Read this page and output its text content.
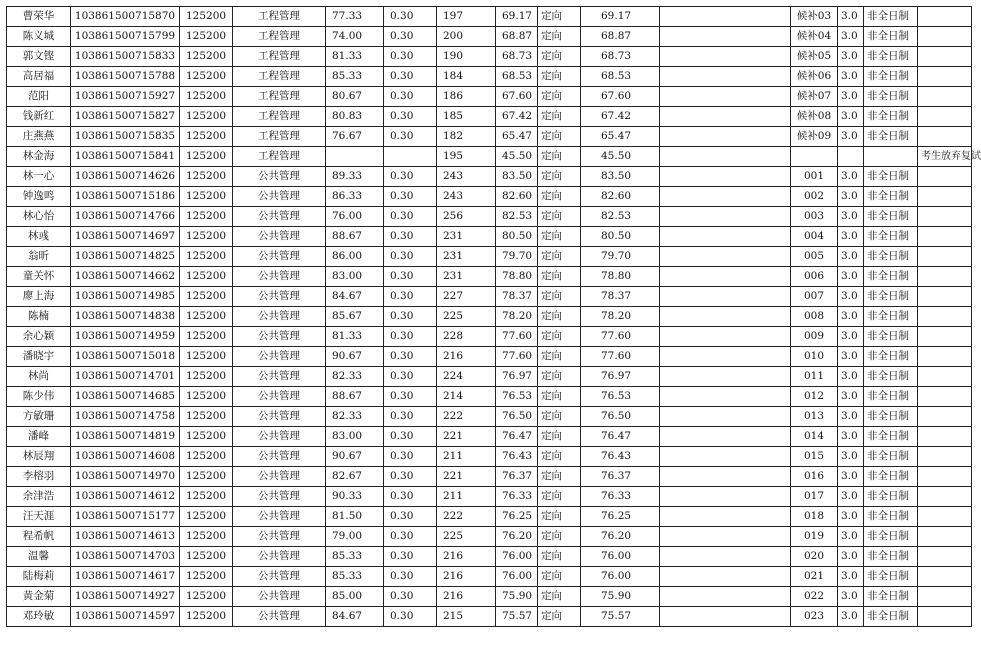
曹荣华	103861500715870	125200	工程管理	77.33	0.30	197	69.17	定向	69.17		候补03	3.0	非全日制	
陈义城	103861500715799	125200	工程管理	74.00	0.30	200	68.87	定向	68.87		候补04	3.0	非全日制	
郭文铿	103861500715833	125200	工程管理	81.33	0.30	190	68.73	定向	68.73		候补05	3.0	非全日制	
高居福	103861500715788	125200	工程管理	85.33	0.30	184	68.53	定向	68.53		候补06	3.0	非全日制	
范阳	103861500715927	125200	工程管理	80.67	0.30	186	67.60	定向	67.60		候补07	3.0	非全日制	
钱新红	103861500715827	125200	工程管理	80.83	0.30	185	67.42	定向	67.42		候补08	3.0	非全日制	
庄燕燕	103861500715835	125200	工程管理	76.67	0.30	182	65.47	定向	65.47		候补09	3.0	非全日制	
林金海	103861500715841	125200	工程管理			195	45.50	定向	45.50					考生放弃复试
林一心	103861500714626	125200	公共管理	89.33	0.30	243	83.50	定向	83.50		001	3.0	非全日制	
钟逸鸣	103861500715186	125200	公共管理	86.33	0.30	243	82.60	定向	82.60		002	3.0	非全日制	
林心怡	103861500714766	125200	公共管理	76.00	0.30	256	82.53	定向	82.53		003	3.0	非全日制	
林彧	103861500714697	125200	公共管理	88.67	0.30	231	80.50	定向	80.50		004	3.0	非全日制	
翁昕	103861500714825	125200	公共管理	86.00	0.30	231	79.70	定向	79.70		005	3.0	非全日制	
童关怀	103861500714662	125200	公共管理	83.00	0.30	231	78.80	定向	78.80		006	3.0	非全日制	
廖上海	103861500714985	125200	公共管理	84.67	0.30	227	78.37	定向	78.37		007	3.0	非全日制	
陈楠	103861500714838	125200	公共管理	85.67	0.30	225	78.20	定向	78.20		008	3.0	非全日制	
余心颖	103861500714959	125200	公共管理	81.33	0.30	228	77.60	定向	77.60		009	3.0	非全日制	
潘晓宇	103861500715018	125200	公共管理	90.67	0.30	216	77.60	定向	77.60		010	3.0	非全日制	
林尚	103861500714701	125200	公共管理	82.33	0.30	224	76.97	定向	76.97		011	3.0	非全日制	
陈少伟	103861500714685	125200	公共管理	88.67	0.30	214	76.53	定向	76.53		012	3.0	非全日制	
方敏珊	103861500714758	125200	公共管理	82.33	0.30	222	76.50	定向	76.50		013	3.0	非全日制	
潘峰	103861500714819	125200	公共管理	83.00	0.30	221	76.47	定向	76.47		014	3.0	非全日制	
林辰翔	103861500714608	125200	公共管理	90.67	0.30	211	76.43	定向	76.43		015	3.0	非全日制	
李榕羽	103861500714970	125200	公共管理	82.67	0.30	221	76.37	定向	76.37		016	3.0	非全日制	
余津浩	103861500714612	125200	公共管理	90.33	0.30	211	76.33	定向	76.33		017	3.0	非全日制	
汪天涯	103861500715177	125200	公共管理	81.50	0.30	222	76.25	定向	76.25		018	3.0	非全日制	
程希帆	103861500714613	125200	公共管理	79.00	0.30	225	76.20	定向	76.20		019	3.0	非全日制	
温馨	103861500714703	125200	公共管理	85.33	0.30	216	76.00	定向	76.00		020	3.0	非全日制	
陆梅莉	103861500714617	125200	公共管理	85.33	0.30	216	76.00	定向	76.00		021	3.0	非全日制	
黄金菊	103861500714927	125200	公共管理	85.00	0.30	216	75.90	定向	75.90		022	3.0	非全日制	
邓玲敏	103861500714597	125200	公共管理	84.67	0.30	215	75.57	定向	75.57		023	3.0	非全日制	
